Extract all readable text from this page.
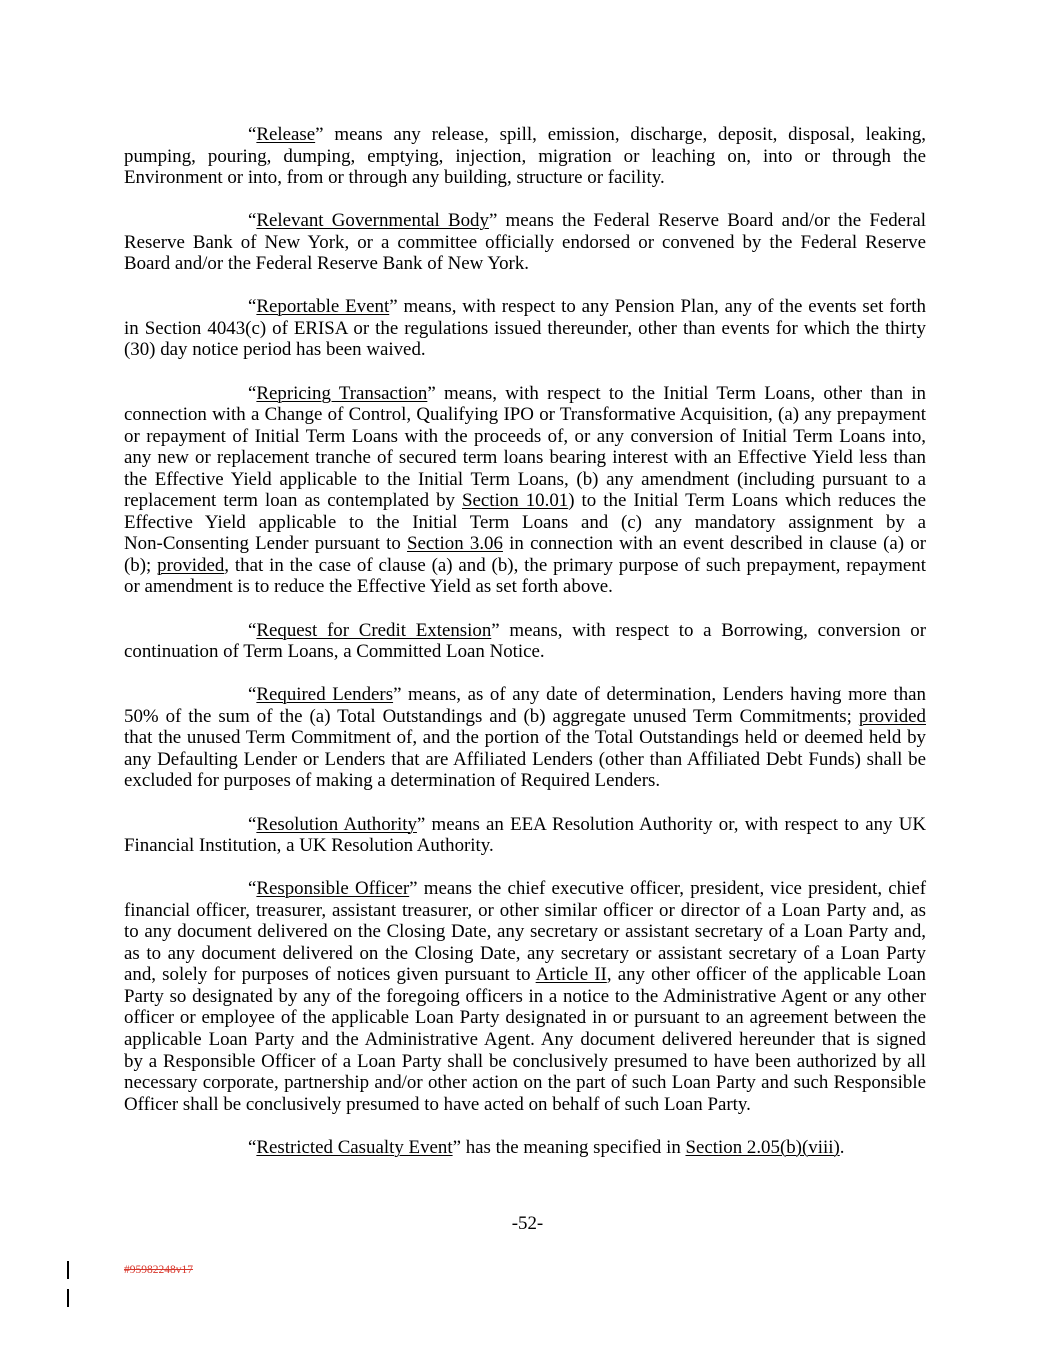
“Release” means any release, spill, emission, discharge, deposit, disposal, leaking,
pumping, pouring, dumping, emptying, injection, migration or leaching on, into or through the
Environment or into, from or through any building, structure or facility.
“Relevant Governmental Body” means the Federal Reserve Board and/or the Federal
Reserve Bank of New York, or a committee officially endorsed or convened by the Federal Reserve
Board and/or the Federal Reserve Bank of New York.
“Reportable Event” means, with respect to any Pension Plan, any of the events set forth
in Section 4043(c) of ERISA or the regulations issued thereunder, other than events for which the thirty
(30) day notice period has been waived.
“Repricing Transaction” means, with respect to the Initial Term Loans, other than in
connection with a Change of Control, Qualifying IPO or Transformative Acquisition, (a) any prepayment
or repayment of Initial Term Loans with the proceeds of, or any conversion of Initial Term Loans into,
any new or replacement tranche of secured term loans bearing interest with an Effective Yield less than
the Effective Yield applicable to the Initial Term Loans, (b) any amendment (including pursuant to a
replacement term loan as contemplated by Section 10.01) to the Initial Term Loans which reduces the
Effective Yield applicable to the Initial Term Loans and (c) any mandatory assignment by a
Non-Consenting Lender pursuant to Section 3.06 in connection with an event described in clause (a) or
(b); provided, that in the case of clause (a) and (b), the primary purpose of such prepayment, repayment
or amendment is to reduce the Effective Yield as set forth above.
“Request for Credit Extension” means, with respect to a Borrowing, conversion or
continuation of Term Loans, a Committed Loan Notice.
“Required Lenders” means, as of any date of determination, Lenders having more than
50% of the sum of the (a) Total Outstandings and (b) aggregate unused Term Commitments; provided
that the unused Term Commitment of, and the portion of the Total Outstandings held or deemed held by
any Defaulting Lender or Lenders that are Affiliated Lenders (other than Affiliated Debt Funds) shall be
excluded for purposes of making a determination of Required Lenders.
“Resolution Authority” means an EEA Resolution Authority or, with respect to any UK
Financial Institution, a UK Resolution Authority.
“Responsible Officer” means the chief executive officer, president, vice president, chief
financial officer, treasurer, assistant treasurer, or other similar officer or director of a Loan Party and, as
to any document delivered on the Closing Date, any secretary or assistant secretary of a Loan Party and,
as to any document delivered on the Closing Date, any secretary or assistant secretary of a Loan Party
and, solely for purposes of notices given pursuant to Article II, any other officer of the applicable Loan
Party so designated by any of the foregoing officers in a notice to the Administrative Agent or any other
officer or employee of the applicable Loan Party designated in or pursuant to an agreement between the
applicable Loan Party and the Administrative Agent. Any document delivered hereunder that is signed
by a Responsible Officer of a Loan Party shall be conclusively presumed to have been authorized by all
necessary corporate, partnership and/or other action on the part of such Loan Party and such Responsible
Officer shall be conclusively presumed to have acted on behalf of such Loan Party.
“Restricted Casualty Event” has the meaning specified in Section 2.05(b)(viii).
-52-
#95982248v17
